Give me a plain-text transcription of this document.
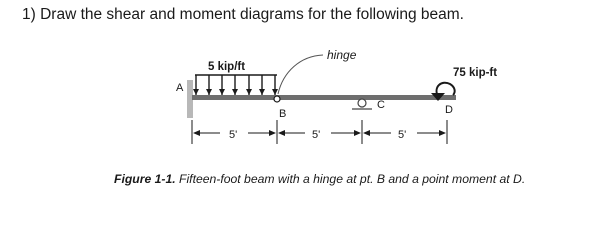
1) Draw the shear and moment diagrams for the following beam.
5 kip/ft
hinge
75 kip-ft
A
B
C	D
5'	5'	5'
Figure 1-1. Fifteen-foot beam with a hinge at pt. B and a point moment at D.
